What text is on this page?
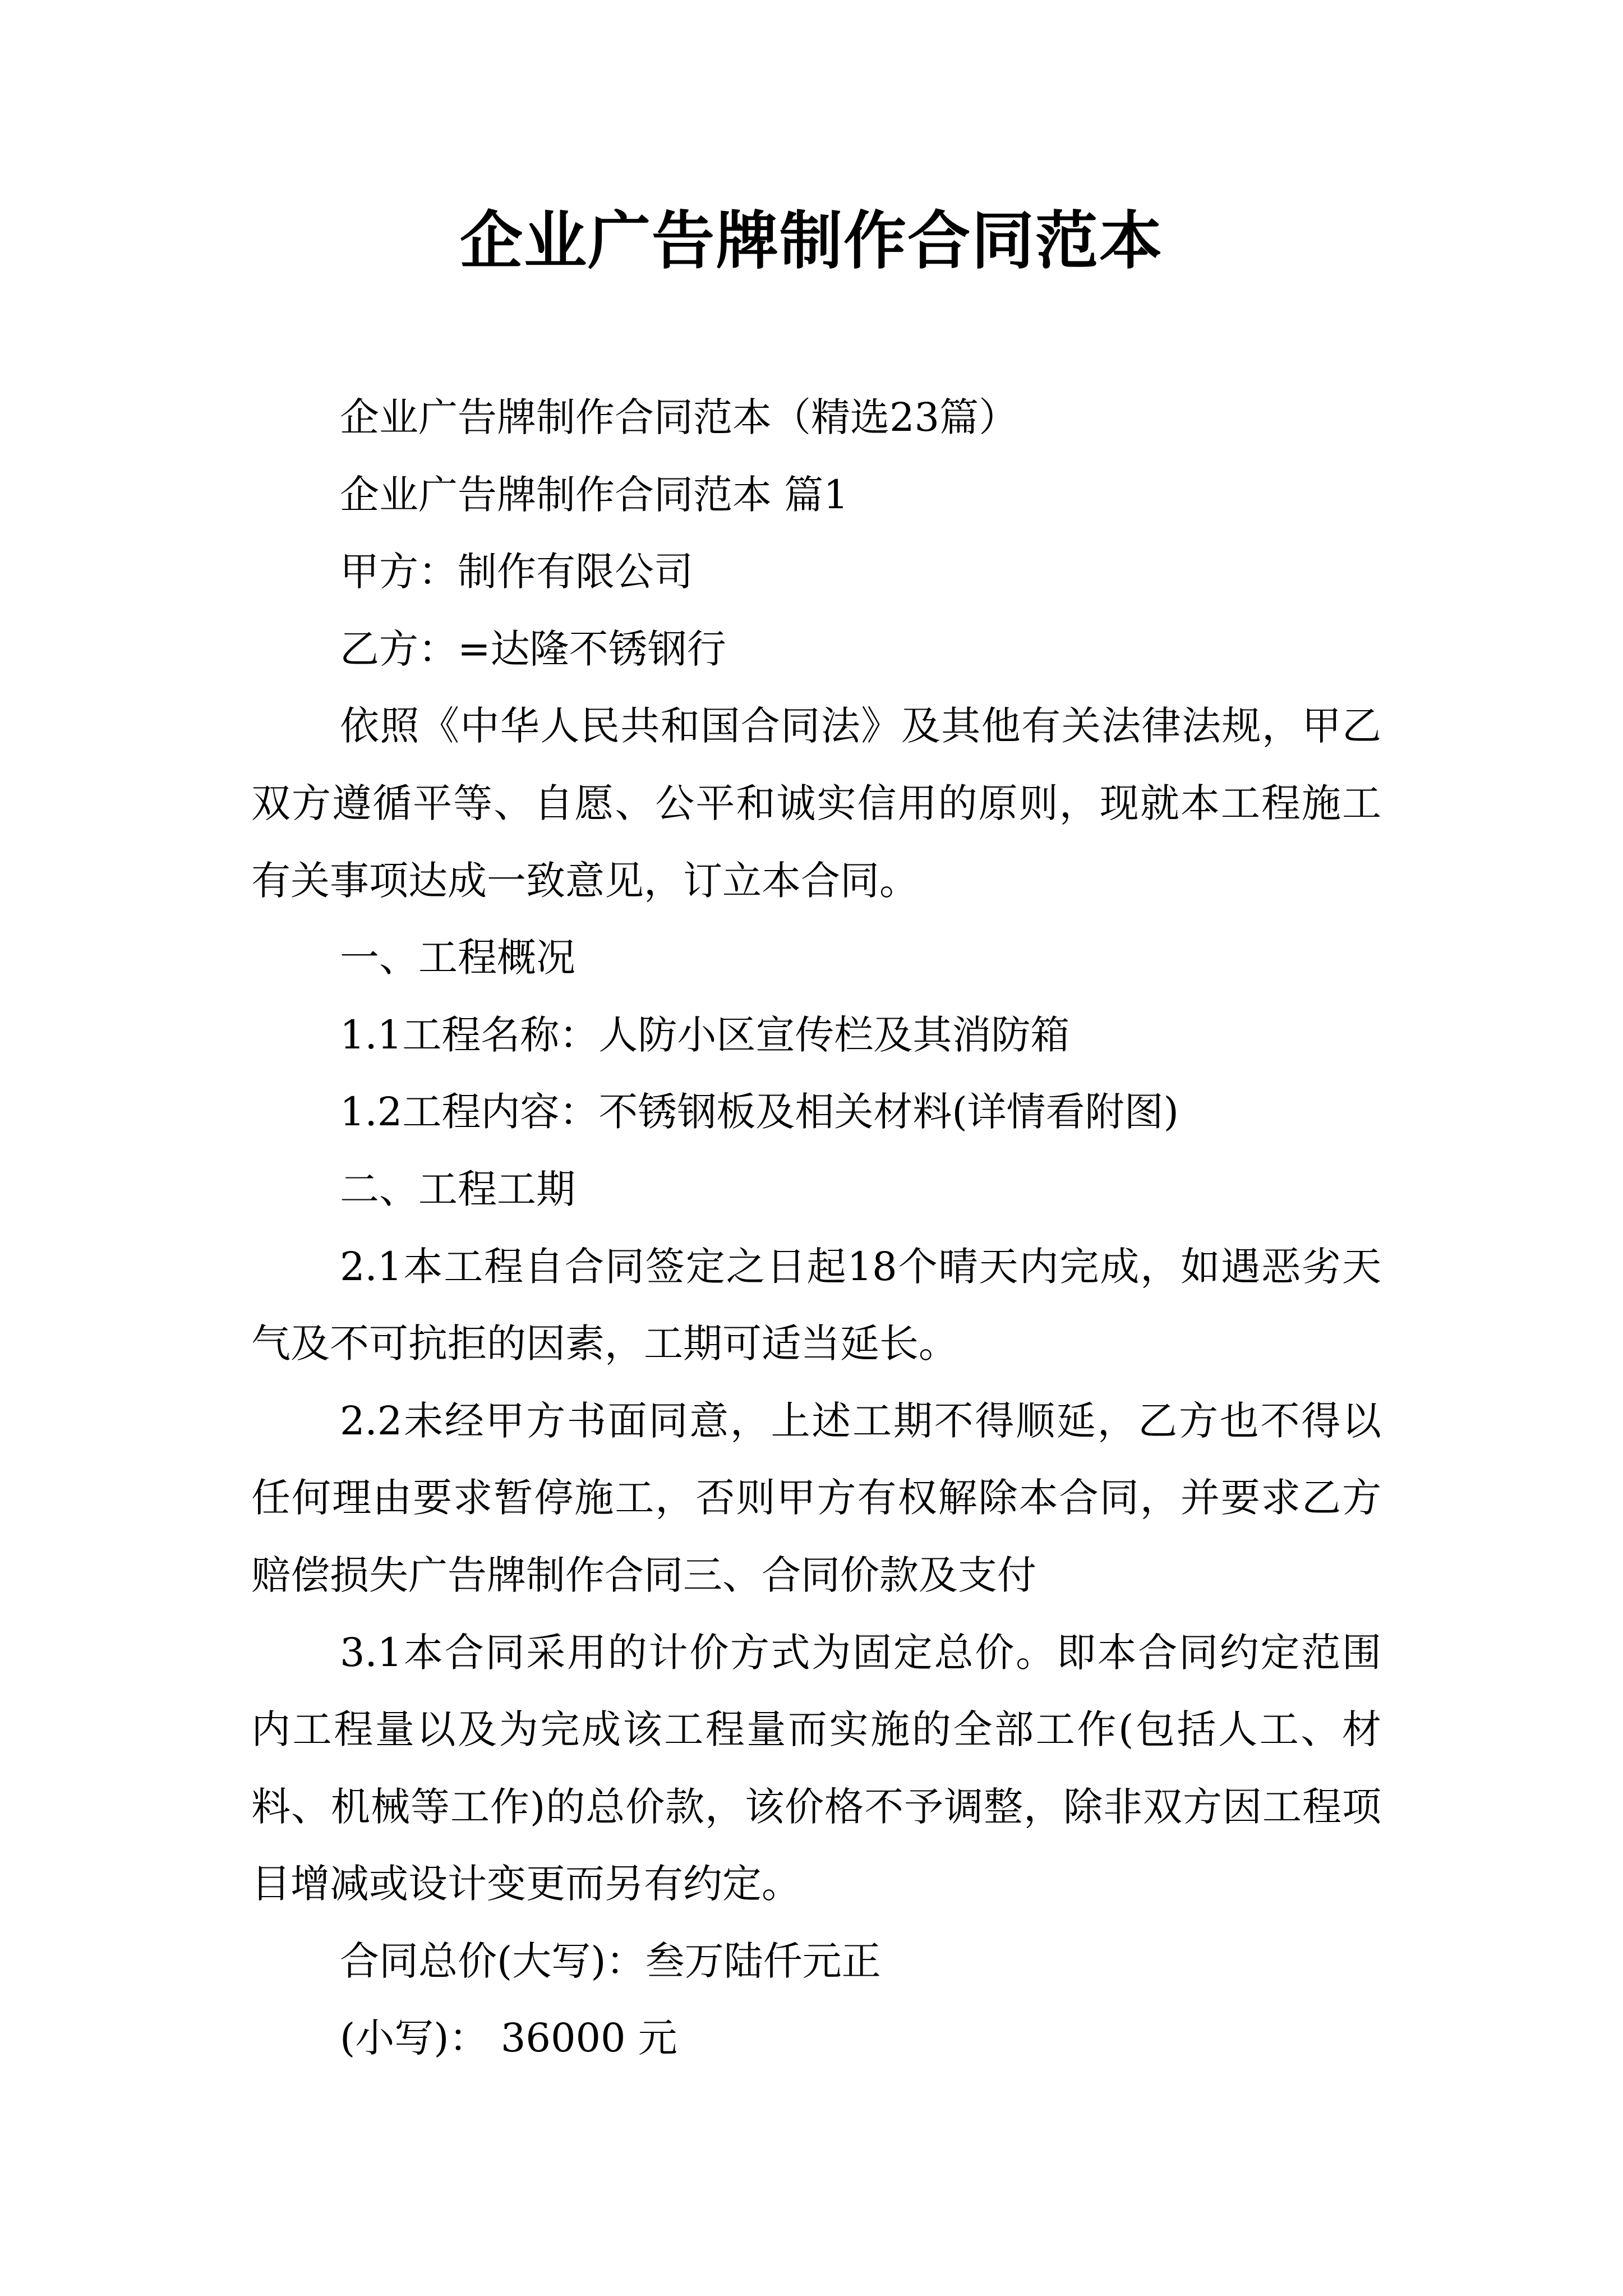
企业广告牌制作合同范本

企业广告牌制作合同范本（精选23篇）

企业广告牌制作合同范本 篇1

甲方：制作有限公司

乙方：=达隆不锈钢行

依照《中华人民共和国合同法》及其他有关法律法规，甲乙双方遵循平等、自愿、公平和诚实信用的原则，现就本工程施工有关事项达成一致意见，订立本合同。

一、工程概况

1.1工程名称：人防小区宣传栏及其消防箱

1.2工程内容：不锈钢板及相关材料(详情看附图)

二、工程工期

2.1本工程自合同签定之日起18个晴天内完成，如遇恶劣天气及不可抗拒的因素，工期可适当延长。

2.2未经甲方书面同意，上述工期不得顺延，乙方也不得以任何理由要求暂停施工，否则甲方有权解除本合同，并要求乙方赔偿损失广告牌制作合同三、合同价款及支付

3.1本合同采用的计价方式为固定总价。即本合同约定范围内工程量以及为完成该工程量而实施的全部工作(包括人工、材料、机械等工作)的总价款，该价格不予调整，除非双方因工程项目增减或设计变更而另有约定。

合同总价(大写)：叁万陆仟元正

(小写)： 36000 元
